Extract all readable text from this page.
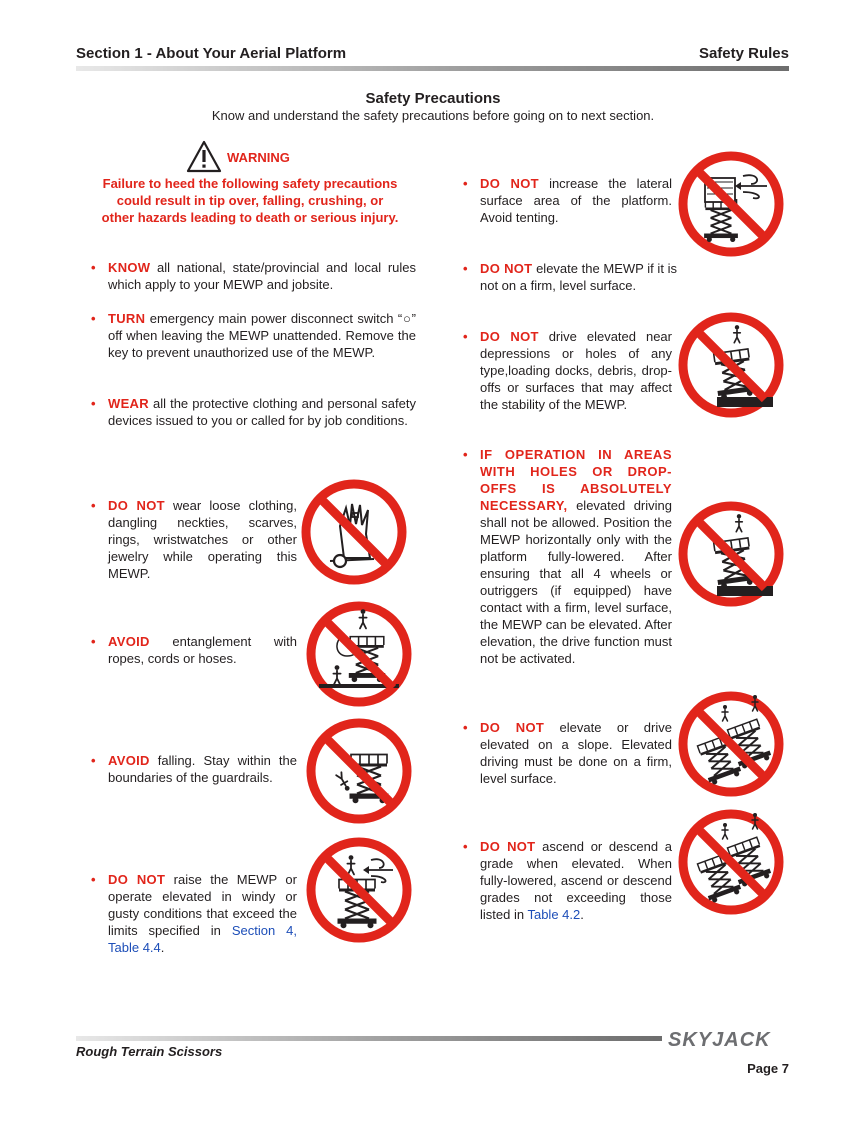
Section 1 - About Your Aerial Platform	Safety Rules
Safety Precautions
Know and understand the safety precautions before going on to next section.
WARNING
Failure to heed the following safety precautions could result in tip over, falling, crushing, or other hazards leading to death or serious injury.
• KNOW all national, state/provincial and local rules which apply to your MEWP and jobsite.
• TURN emergency main power disconnect switch “○” off when leaving the MEWP unattended. Remove the key to prevent unauthorized use of the MEWP.
• WEAR all the protective clothing and personal safety devices issued to you or called for by job conditions.
• DO NOT wear loose clothing, dangling neckties, scarves, rings, wristwatches or other jewelry while operating this MEWP.
• AVOID entanglement with ropes, cords or hoses.
• AVOID falling. Stay within the boundaries of the guardrails.
• DO NOT raise the MEWP or operate elevated in windy or gusty conditions that exceed the limits specified in Section 4, Table 4.4.
• DO NOT increase the lateral surface area of the platform. Avoid tenting.
• DO NOT elevate the MEWP if it is not on a firm, level surface.
• DO NOT drive elevated near depressions or holes of any type,loading docks, debris, drop-offs or surfaces that may affect the stability of the MEWP.
• IF OPERATION IN AREAS WITH HOLES OR DROP-OFFS IS ABSOLUTELY NECESSARY, elevated driving shall not be allowed. Position the MEWP horizontally only with the platform fully-lowered. After ensuring that all 4 wheels or outriggers (if equipped) have contact with a firm, level surface, the MEWP can be elevated. After elevation, the drive function must not be activated.
• DO NOT elevate or drive elevated on a slope. Elevated driving must be done on a firm, level surface.
• DO NOT ascend or descend a grade when elevated. When fully-lowered, ascend or descend grades not exceeding those listed in Table 4.2.
SKYJACK
Rough Terrain Scissors
Page 7
